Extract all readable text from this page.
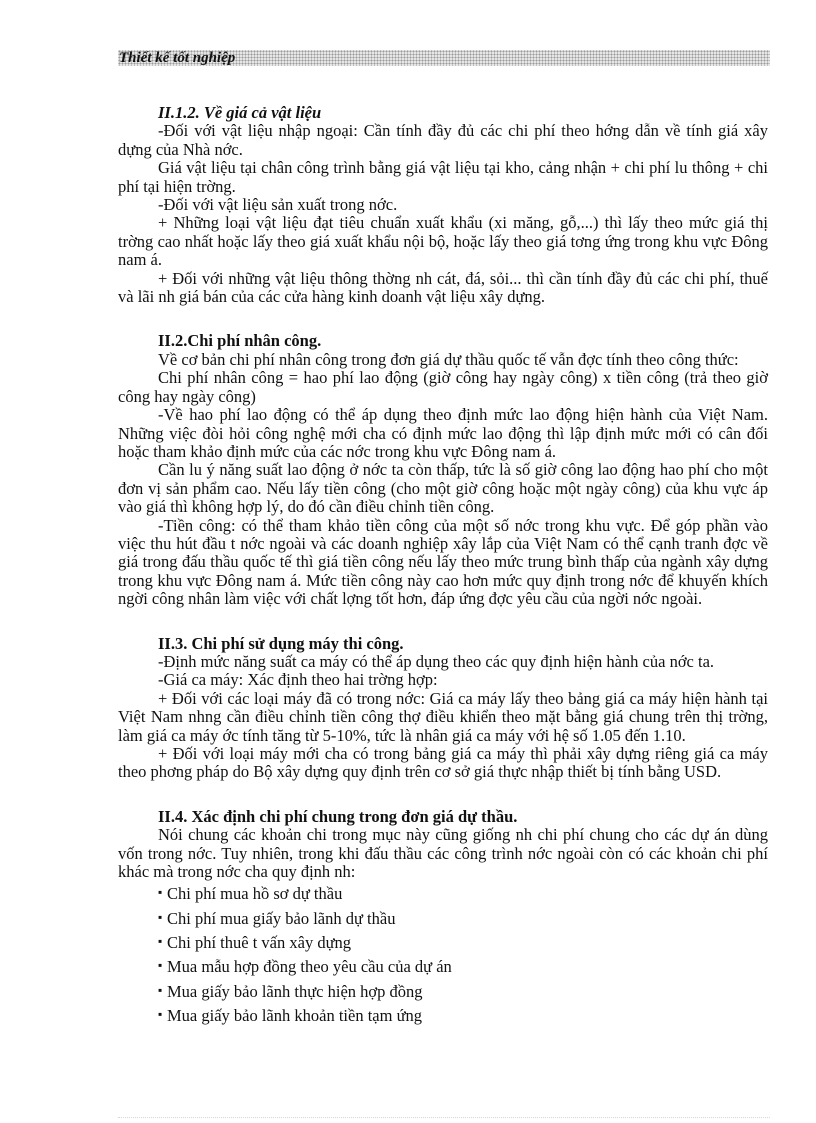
Thiết kế tốt nghiệp
II.1.2. Về giá cả vật liệu

-Đối với vật liệu nhập ngoại: Cần tính đầy đủ các chi phí theo hớng dẫn về tính giá xây dựng của Nhà nớc.

Giá vật liệu tại chân công trình bằng giá vật liệu tại kho, cảng nhận + chi phí lu thông + chi phí tại hiện trờng.

-Đối với vật liệu sản xuất trong nớc.

+ Những loại vật liệu đạt tiêu chuẩn xuất khẩu (xi măng, gỗ,...) thì lấy theo mức giá thị trờng cao nhất hoặc lấy theo giá xuất khẩu nội bộ, hoặc lấy theo giá tơng ứng trong khu vực Đông nam á.

+ Đối với những vật liệu thông thờng nh cát, đá, sỏi... thì cần tính đầy đủ các chi phí, thuế và lãi nh giá bán của các cửa hàng kinh doanh vật liệu xây dựng.

II.2.Chi phí nhân công.

Về cơ bản chi phí nhân công trong đơn giá dự thầu quốc tế vẫn đợc tính theo công thức:

Chi phí nhân công = hao phí lao động (giờ công hay ngày công) x tiền công (trả theo giờ công hay ngày công)

-Về hao phí lao động có thể áp dụng theo định mức lao động hiện hành của Việt Nam. Những việc đòi hỏi công nghệ mới cha có định mức lao động thì lập định mức mới có cân đối hoặc tham khảo định mức của các nớc trong khu vực Đông nam á.

Cần lu ý năng suất lao động ở nớc ta còn thấp, tức là số giờ công lao động hao phí cho một đơn vị sản phẩm cao. Nếu lấy tiền công (cho một giờ công hoặc một ngày công) của khu vực áp vào giá thì không hợp lý, do đó cần điều chỉnh tiền công.

-Tiền công: có thể tham khảo tiền công của một số nớc trong khu vực. Để góp phần vào việc thu hút đầu t nớc ngoài và các doanh nghiệp xây lắp của Việt Nam có thể cạnh tranh đợc về giá trong đấu thầu quốc tế thì giá tiền công nếu lấy theo mức trung bình thấp của ngành xây dựng trong khu vực Đông nam á. Mức tiền công này cao hơn mức quy định trong nớc để khuyến khích ngời công nhân làm việc với chất lợng tốt hơn, đáp ứng đợc yêu cầu của ngời nớc ngoài.

II.3. Chi phí sử dụng máy thi công.

-Định mức năng suất ca máy có thể áp dụng theo các quy định hiện hành của nớc ta.

-Giá ca máy: Xác định theo hai trờng hợp:

+ Đối với các loại máy đã có trong nớc: Giá ca máy lấy theo bảng giá ca máy hiện hành tại Việt Nam nhng cần điều chỉnh tiền công thợ điều khiển theo mặt bằng giá chung trên thị trờng, làm giá ca máy ớc tính tăng từ 5-10%, tức là nhân giá ca máy với hệ số 1.05 đến 1.10.

+ Đối với loại máy mới cha có trong bảng giá ca máy thì phải xây dựng riêng giá ca máy theo phơng pháp do Bộ xây dựng quy định trên cơ sở giá thực nhập thiết bị tính bằng USD.

II.4. Xác định chi phí chung trong đơn giá dự thầu.

Nói chung các khoản chi trong mục này cũng giống nh chi phí chung cho các dự án dùng vốn trong nớc. Tuy nhiên, trong khi đấu thầu các công trình nớc ngoài còn có các khoản chi phí khác mà trong nớc cha quy định nh:

▪ Chi phí mua hồ sơ dự thầu
▪ Chi phí mua giấy bảo lãnh dự thầu
▪ Chi phí thuê t vấn xây dựng
▪ Mua mẫu hợp đồng theo yêu cầu của dự án
▪ Mua giấy bảo lãnh thực hiện hợp đồng
▪ Mua giấy bảo lãnh khoản tiền tạm ứng
